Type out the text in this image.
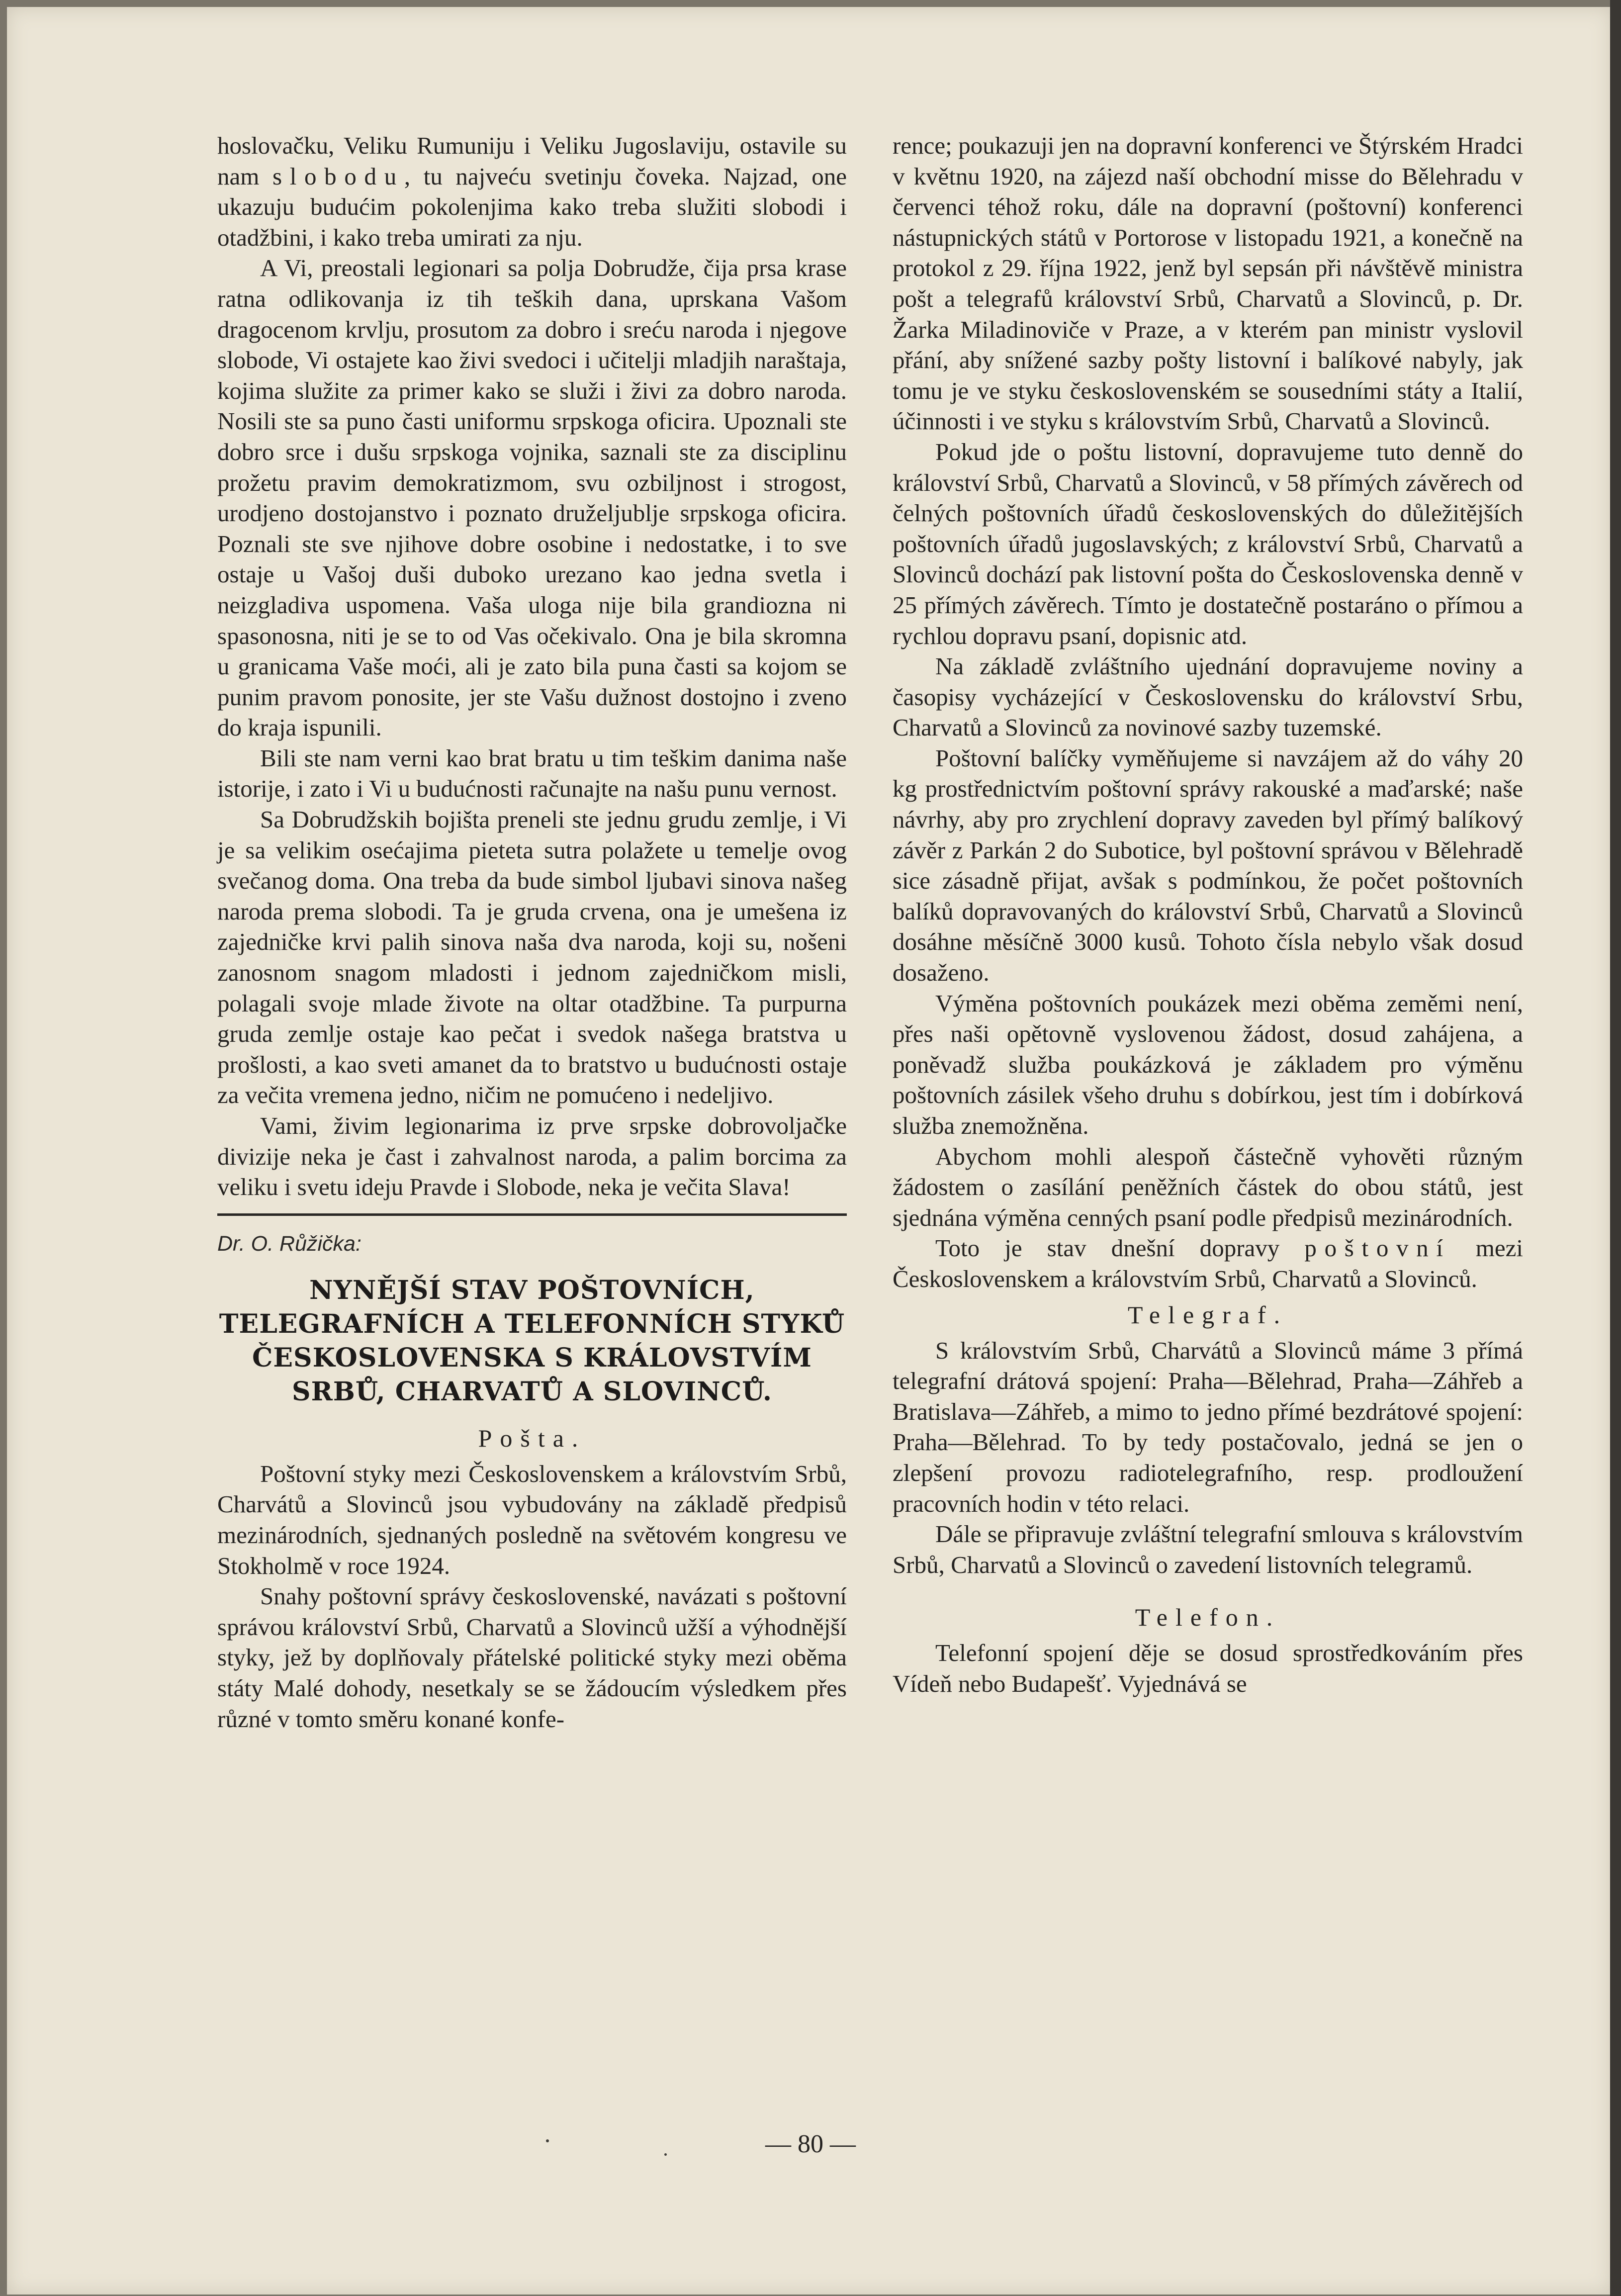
hoslovačku, Veliku Rumuniju i Veliku Jugoslaviju, ostavile su nam slobodu, tu najveću svetinju čoveka. Najzad, one ukazuju budućim pokolenjima kako treba služiti slobodi i otadžbini, i kako treba umirati za nju.

A Vi, preostali legionari sa polja Dobrudže, čija prsa krase ratna odlikovanja iz tih teških dana, uprskana Vašom dragocenom krvlju, prosutom za dobro i sreću naroda i njegove slobode, Vi ostajete kao živi svedoci i učitelji mladjih naraštaja, kojima služite za primer kako se služi i živi za dobro naroda. Nosili ste sa puno časti uniformu srpskoga oficira. Upoznali ste dobro srce i dušu srpskoga vojnika, saznali ste za disciplinu prožetu pravim demokratizmom, svu ozbiljnost i strogost, urodjeno dostojanstvo i poznato druželjublje srpskoga oficira. Poznali ste sve njihove dobre osobine i nedostatke, i to sve ostaje u Vašoj duši duboko urezano kao jedna svetla i neizgladiva uspomena. Vaša uloga nije bila grandiozna ni spasonosna, niti je se to od Vas očekivalo. Ona je bila skromna u granicama Vaše moći, ali je zato bila puna časti sa kojom se punim pravom ponosite, jer ste Vašu dužnost dostojno i zveno do kraja ispunili.

Bili ste nam verni kao brat bratu u tim teškim danima naše istorije, i zato i Vi u budućnosti računajte na našu punu vernost.

Sa Dobrudžskih bojišta preneli ste jednu grudu zemlje, i Vi je sa velikim osećajima pieteta sutra polažete u temelje ovog svečanog doma. Ona treba da bude simbol ljubavi sinova našeg naroda prema slobodi. Ta je gruda crvena, ona je umešena iz zajedničke krvi palih sinova naša dva naroda, koji su, nošeni zanosnom snagom mladosti i jednom zajedničkom misli, polagali svoje mlade živote na oltar otadžbine. Ta purpurna gruda zemlje ostaje kao pečat i svedok našega bratstva u prošlosti, a kao sveti amanet da to bratstvo u budućnosti ostaje za večita vremena jedno, ničim ne pomućeno i nedeljivo.

Vami, živim legionarima iz prve srpske dobrovoljačke divizije neka je čast i zahvalnost naroda, a palim borcima za veliku i svetu ideju Pravde i Slobode, neka je večita Slava!

Dr. O. Růžička:
NYNĚJŠÍ STAV POŠTOVNÍCH, TELEGRAFNÍCH A TELEFONNÍCH STYKŮ ČESKOSLOVENSKA S KRÁLOVSTVÍM SRBŮ, CHARVATŮ A SLOVINCŮ.
Pošta.

Poštovní styky mezi Československem a královstvím Srbů, Charvátů a Slovinců jsou vybudovány na základě předpisů mezinárodních, sjednaných posledně na světovém kongresu ve Stokholmě v roce 1924.

Snahy poštovní správy československé, navázati s poštovní správou království Srbů, Charvatů a Slovinců užší a výhodnější styky, jež by doplňovaly přátelské politické styky mezi oběma státy Malé dohody, nesetkaly se se žádoucím výsledkem přes různé v tomto směru konané konfe-

rence; poukazuji jen na dopravní konferenci ve Štýrském Hradci v květnu 1920, na zájezd naší obchodní misse do Bělehradu v červenci téhož roku, dále na dopravní (poštovní) konferenci nástupnických států v Portorose v listopadu 1921, a konečně na protokol z 29. října 1922, jenž byl sepsán při návštěvě ministra pošt a telegrafů království Srbů, Charvatů a Slovinců, p. Dr. Žarka Miladinoviče v Praze, a v kterém pan ministr vyslovil přání, aby snížené sazby pošty listovní i balíkové nabyly, jak tomu je ve styku československém se sousedními státy a Italií, účinnosti i ve styku s královstvím Srbů, Charvatů a Slovinců.

Pokud jde o poštu listovní, dopravujeme tuto denně do království Srbů, Charvatů a Slovinců, v 58 přímých závěrech od čelných poštovních úřadů československých do důležitějších poštovních úřadů jugoslavských; z království Srbů, Charvatů a Slovinců dochází pak listovní pošta do Československa denně v 25 přímých závěrech. Tímto je dostatečně postaráno o přímou a rychlou dopravu psaní, dopisnic atd.

Na základě zvláštního ujednání dopravujeme noviny a časopisy vycházející v Československu do království Srbu, Charvatů a Slovinců za novinové sazby tuzemské.

Poštovní balíčky vyměňujeme si navzájem až do váhy 20 kg prostřednictvím poštovní správy rakouské a maďarské; naše návrhy, aby pro zrychlení dopravy zaveden byl přímý balíkový závěr z Parkán 2 do Subotice, byl poštovní správou v Bělehradě sice zásadně přijat, avšak s podmínkou, že počet poštovních balíků dopravovaných do království Srbů, Charvatů a Slovinců dosáhne měsíčně 3000 kusů. Tohoto čísla nebylo však dosud dosaženo.

Výměna poštovních poukázek mezi oběma zeměmi není, přes naši opětovně vyslovenou žádost, dosud zahájena, a poněvadž služba poukázková je základem pro výměnu poštovních zásilek všeho druhu s dobírkou, jest tím i dobírková služba znemožněna.

Abychom mohli alespoň částečně vyhověti různým žádostem o zasílání peněžních částek do obou států, jest sjednána výměna cenných psaní podle předpisů mezinárodních.

Toto je stav dnešní dopravy poštovní mezi Československem a královstvím Srbů, Charvatů a Slovinců.

Telegraf.

S královstvím Srbů, Charvátů a Slovinců máme 3 přímá telegrafní drátová spojení: Praha—Bělehrad, Praha—Záhřeb a Bratislava—Záhřeb, a mimo to jedno přímé bezdrátové spojení: Praha—Bělehrad. To by tedy postačovalo, jedná se jen o zlepšení provozu radiotelegrafního, resp. prodloužení pracovních hodin v této relaci.

Dále se připravuje zvláštní telegrafní smlouva s královstvím Srbů, Charvatů a Slovinců o zavedení listovních telegramů.

Telefon.

Telefonní spojení děje se dosud sprostředkováním přes Vídeň nebo Budapešť. Vyjednává se

— 80 —
